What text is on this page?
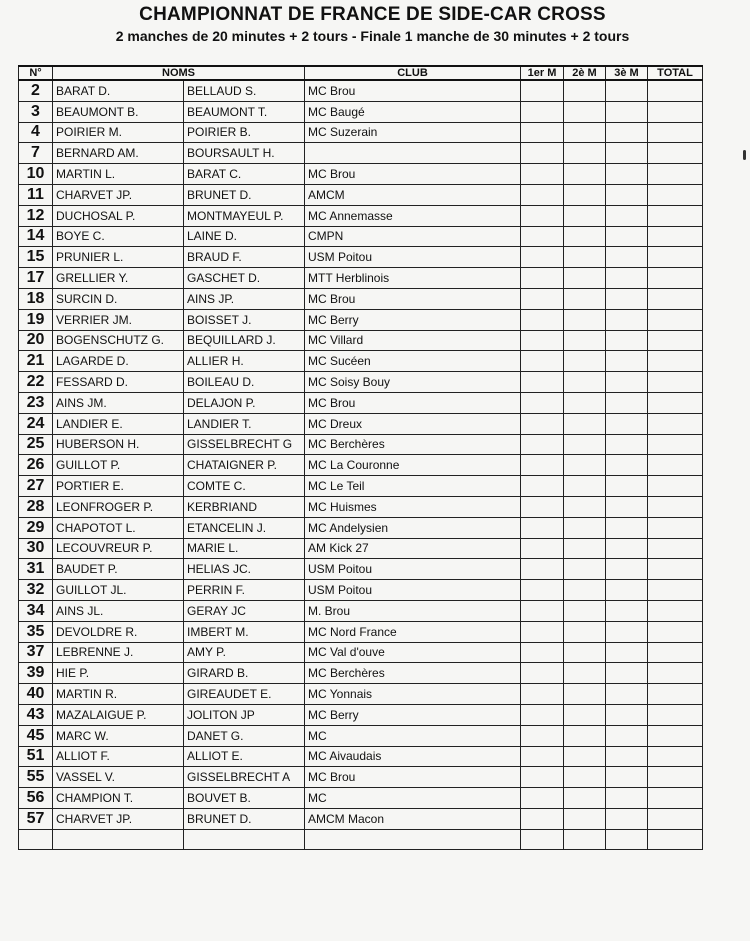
CHAMPIONNAT DE FRANCE DE SIDE-CAR CROSS
2 manches de 20 minutes + 2 tours - Finale 1 manche de 30 minutes + 2 tours
N°	NOMS		CLUB	1er M	2è M	3è M	TOTAL
2	BARAT D.	BELLAUD S.	MC Brou				
3	BEAUMONT B.	BEAUMONT T.	MC Baugé				
4	POIRIER M.	POIRIER B.	MC Suzerain				
7	BERNARD AM.	BOURSAULT H.					
10	MARTIN L.	BARAT C.	MC Brou				
11	CHARVET JP.	BRUNET D.	AMCM				
12	DUCHOSAL P.	MONTMAYEUL P.	MC Annemasse				
14	BOYE C.	LAINE D.	CMPN				
15	PRUNIER L.	BRAUD F.	USM Poitou				
17	GRELLIER Y.	GASCHET D.	MTT Herblinois				
18	SURCIN D.	AINS JP.	MC Brou				
19	VERRIER JM.	BOISSET J.	MC Berry				
20	BOGENSCHUTZ G.	BEQUILLARD J.	MC Villard				
21	LAGARDE D.	ALLIER H.	MC Sucéen				
22	FESSARD D.	BOILEAU D.	MC Soisy Bouy				
23	AINS JM.	DELAJON P.	MC Brou				
24	LANDIER E.	LANDIER T.	MC Dreux				
25	HUBERSON H.	GISSELBRECHT G	MC Berchères				
26	GUILLOT P.	CHATAIGNER P.	MC La Couronne				
27	PORTIER E.	COMTE C.	MC Le Teil				
28	LEONFROGER P.	KERBRIAND	MC Huismes				
29	CHAPOTOT L.	ETANCELIN J.	MC Andelysien				
30	LECOUVREUR P.	MARIE L.	AM Kick 27				
31	BAUDET P.	HELIAS JC.	USM Poitou				
32	GUILLOT JL.	PERRIN F.	USM Poitou				
34	AINS JL.	GERAY JC	M. Brou				
35	DEVOLDRE R.	IMBERT M.	MC Nord France				
37	LEBRENNE J.	AMY P.	MC Val d'ouve				
39	HIE P.	GIRARD B.	MC Berchères				
40	MARTIN R.	GIREAUDET E.	MC Yonnais				
43	MAZALAIGUE P.	JOLITON JP	MC Berry				
45	MARC W.	DANET G.	MC				
51	ALLIOT F.	ALLIOT E.	MC Aivaudais				
55	VASSEL V.	GISSELBRECHT A	MC Brou				
56	CHAMPION T.	BOUVET B.	MC				
57	CHARVET JP.	BRUNET D.	AMCM Macon				
